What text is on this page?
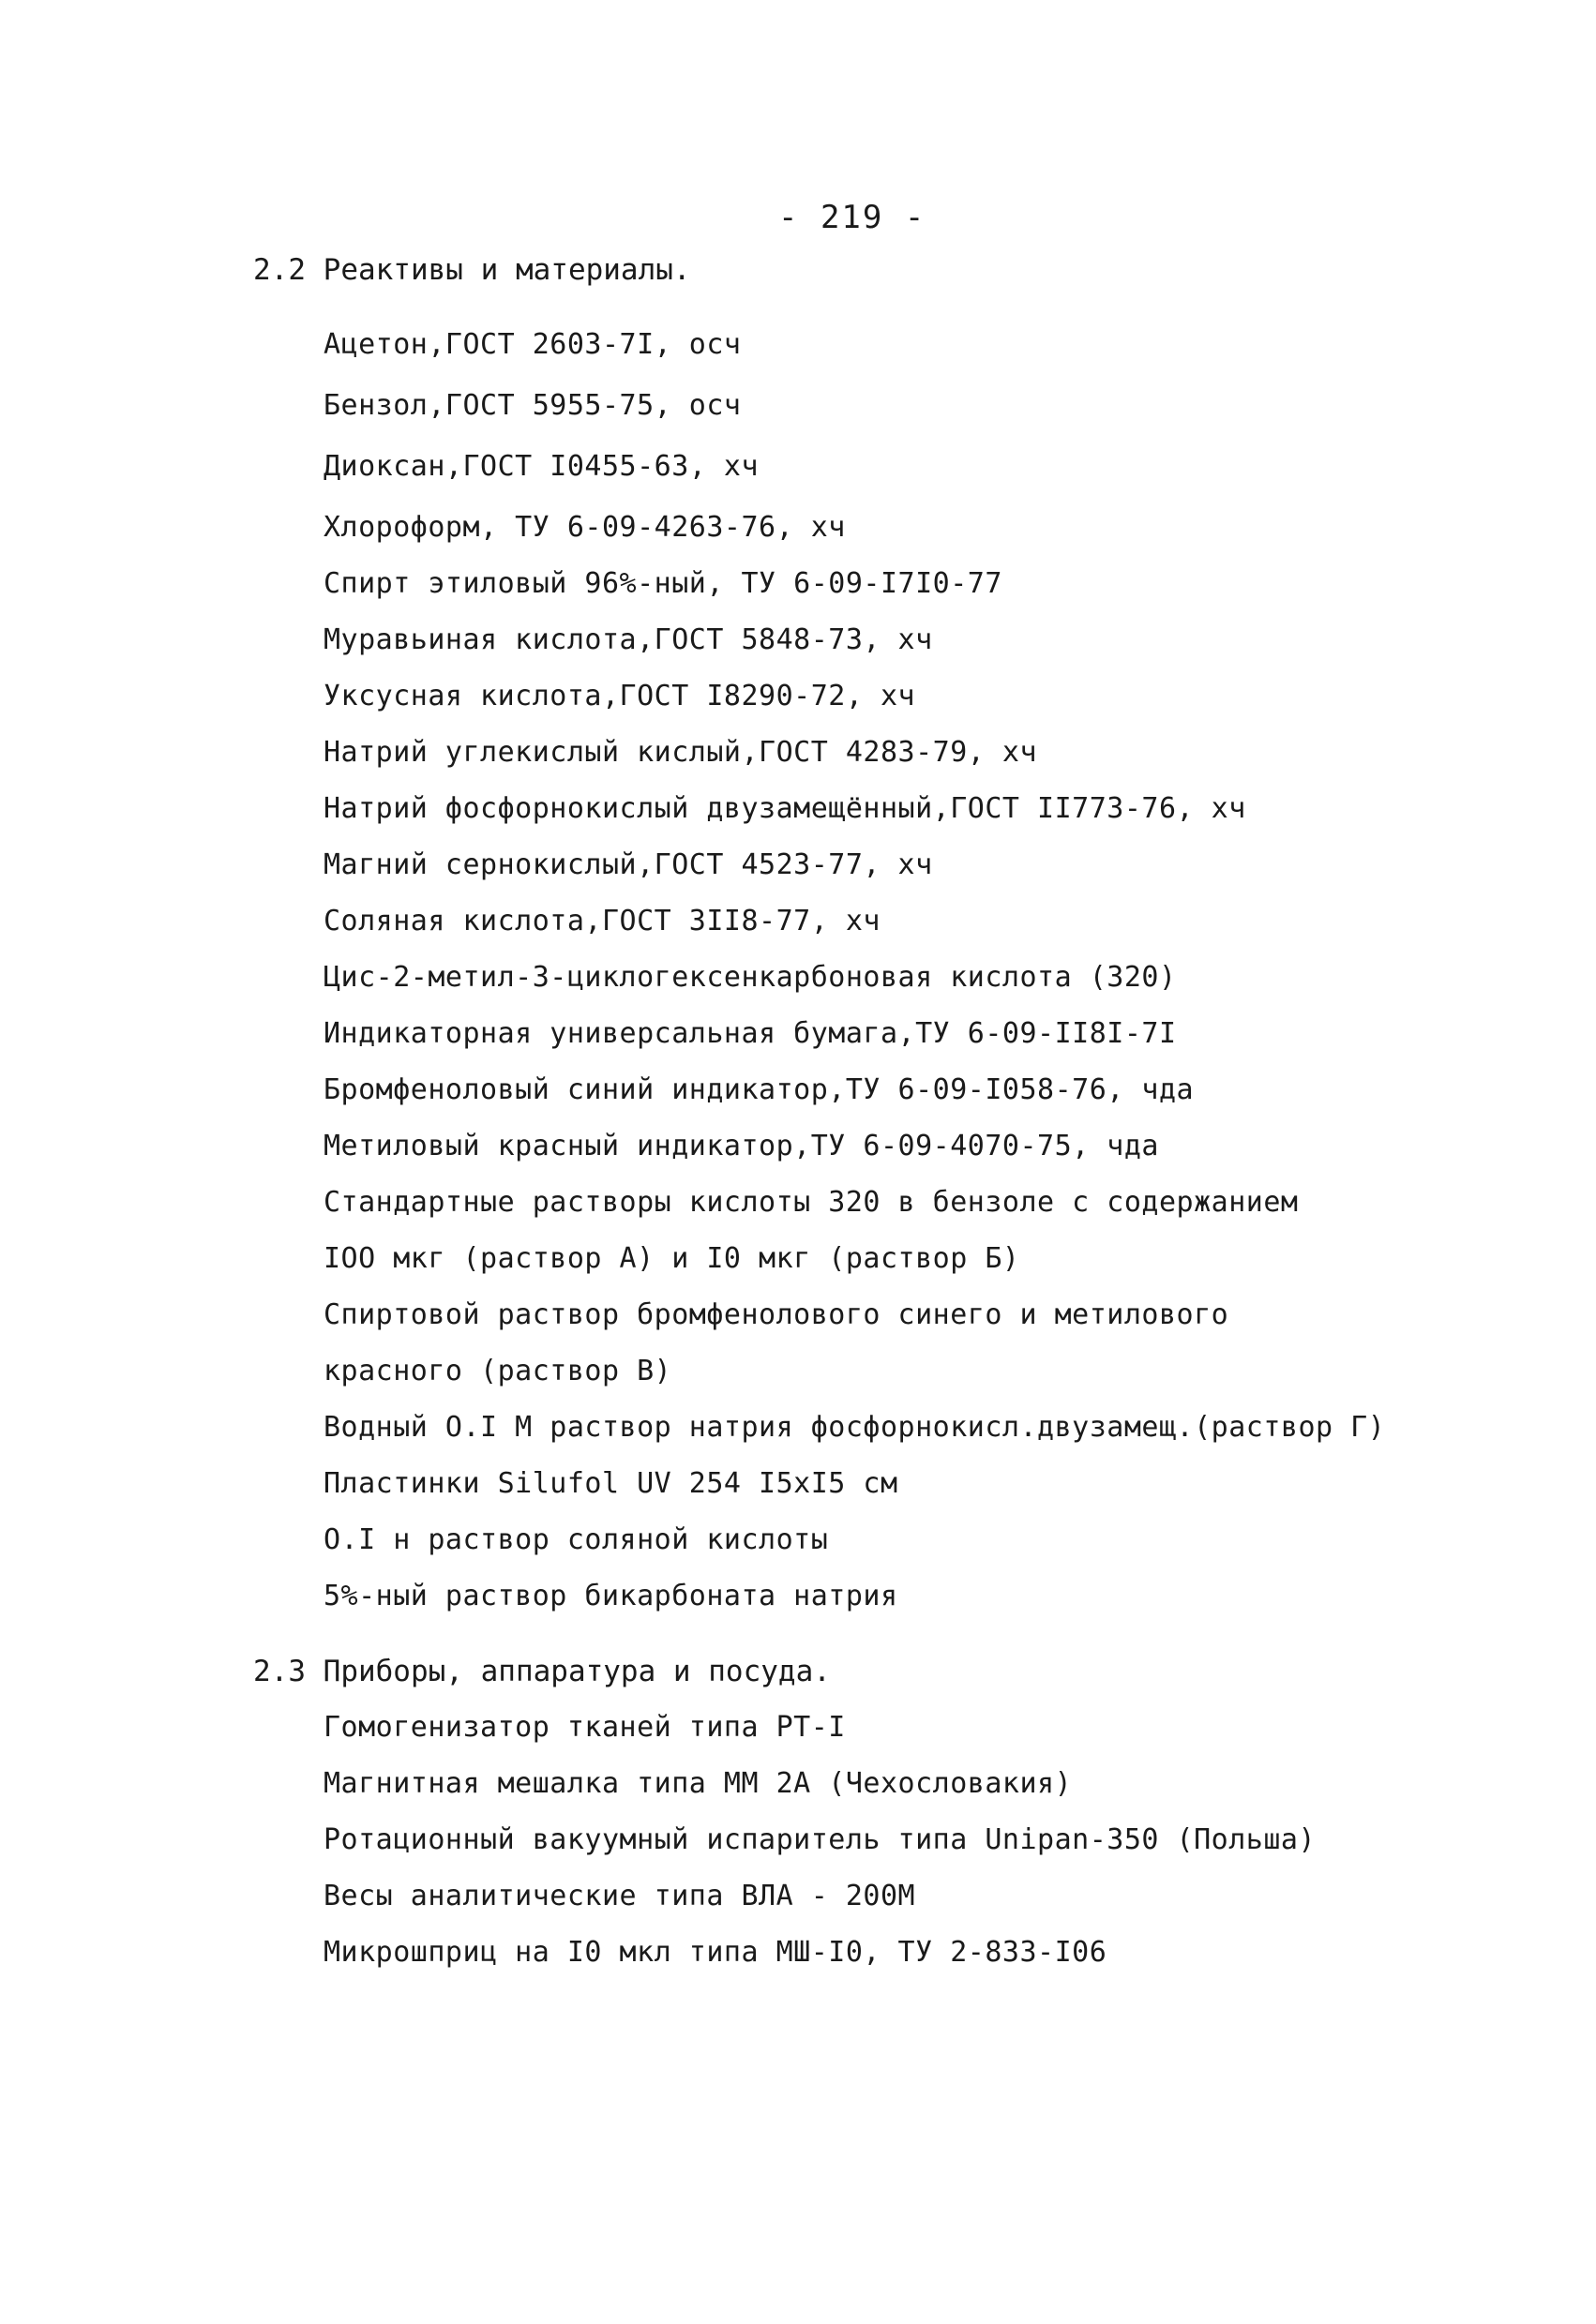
- 219 -
2.2 Реактивы и материалы.
Ацетон,ГОСТ 2603-7I, осч
Бензол,ГОСТ 5955-75, осч
Диоксан,ГОСТ I0455-63, хч
Хлороформ, ТУ 6-09-4263-76, хч
Спирт этиловый 96%-ный, ТУ 6-09-I7I0-77
Муравьиная кислота,ГОСТ 5848-73, хч
Уксусная кислота,ГОСТ I8290-72, хч
Натрий углекислый кислый,ГОСТ 4283-79, хч
Натрий фосфорнокислый двузамещённый,ГОСТ II773-76, хч
Магний сернокислый,ГОСТ 4523-77, хч
Соляная кислота,ГОСТ 3II8-77, хч
Цис-2-метил-3-циклогексенкарбоновая кислота (320)
Индикаторная универсальная бумага,ТУ 6-09-II8I-7I
Бромфеноловый синий индикатор,ТУ 6-09-I058-76, чда
Метиловый красный индикатор,ТУ 6-09-4070-75, чда
Стандартные растворы кислоты 320 в бензоле с содержанием
IОО мкг (раствор А) и I0 мкг (раствор Б)
Спиртовой раствор бромфенолового синего и метилового
красного (раствор В)
Водный О.I М раствор натрия фосфорнокисл.двузамещ.(раствор Г)
Пластинки Silufol UV 254 I5xI5 см
О.I н раствор соляной кислоты
5%-ный раствор бикарбоната натрия
2.3 Приборы, аппаратура и посуда.
Гомогенизатор тканей типа РТ-I
Магнитная мешалка типа ММ 2А (Чехословакия)
Ротационный вакуумный испаритель типа Unipan-350 (Польша)
Весы аналитические типа ВЛА - 200М
Микрошприц на I0 мкл типа МШ-I0, ТУ 2-833-I06
